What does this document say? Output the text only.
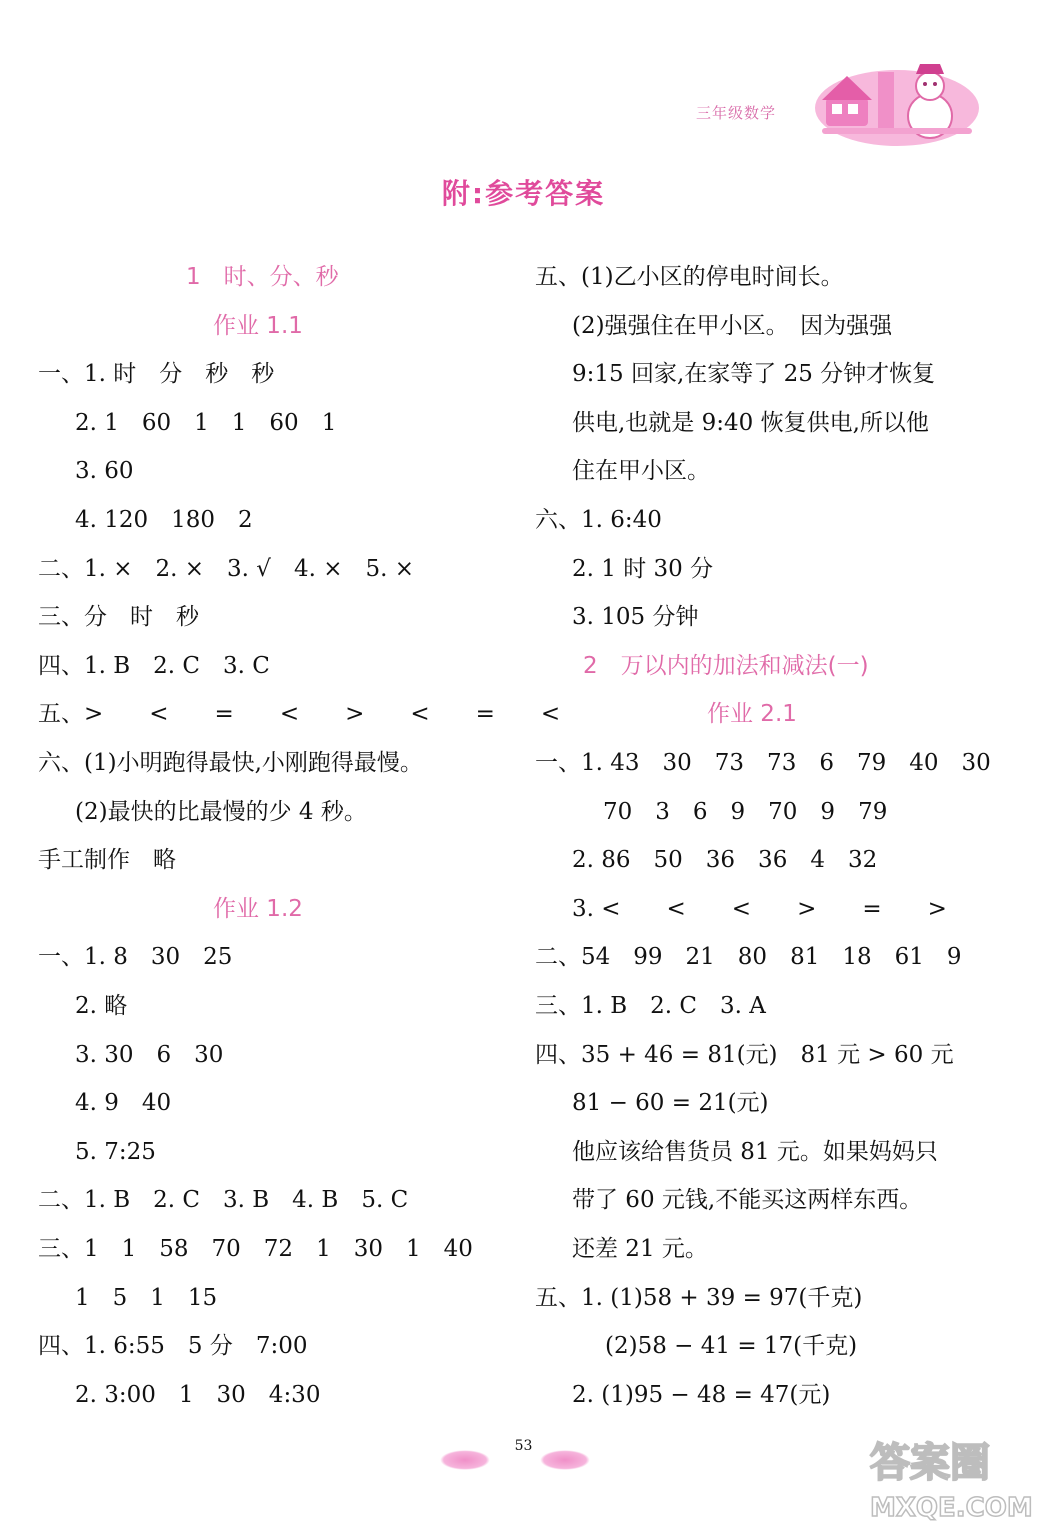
三年级数学
附:参考答案
1　时、分、秒
作业 1.1
一、1. 时　分　秒　秒
2. 1　60　1　1　60　1
3. 60
4. 120　180　2
二、1. ×　2. ×　3. √　4. ×　5. ×
三、分　时　秒
四、1. B　2. C　3. C
五、>　　<　　=　　<　　>　　<　　=　　<
六、(1)小明跑得最快,小刚跑得最慢。
(2)最快的比最慢的少 4 秒。
手工制作　略
作业 1.2
一、1. 8　30　25
2. 略
3. 30　6　30
4. 9　40
5. 7:25
二、1. B　2. C　3. B　4. B　5. C
三、1　1　58　70　72　1　30　1　40
1　5　1　15
四、1. 6:55　5 分　7:00
2. 3:00　1　30　4:30
五、(1)乙小区的停电时间长。
(2)强强住在甲小区。　因为强强
9:15 回家,在家等了 25 分钟才恢复
供电,也就是 9:40 恢复供电,所以他
住在甲小区。
六、1. 6:40
2. 1 时 30 分
3. 105 分钟
2　万以内的加法和减法(一)
作业 2.1
一、1. 43　30　73　73　6　79　40　30
70　3　6　9　70　9　79
2. 86　50　36　36　4　32
3. <　　<　　<　　>　　=　　>
二、54　99　21　80　81　18　61　9
三、1. B　2. C　3. A
四、35 + 46 = 81(元)　81 元 > 60 元
81 − 60 = 21(元)
他应该给售货员 81 元。如果妈妈只
带了 60 元钱,不能买这两样东西。
还差 21 元。
五、1. (1)58 + 39 = 97(千克)
(2)58 − 41 = 17(千克)
2. (1)95 − 48 = 47(元)
53	答案圈
MXQE.COM
